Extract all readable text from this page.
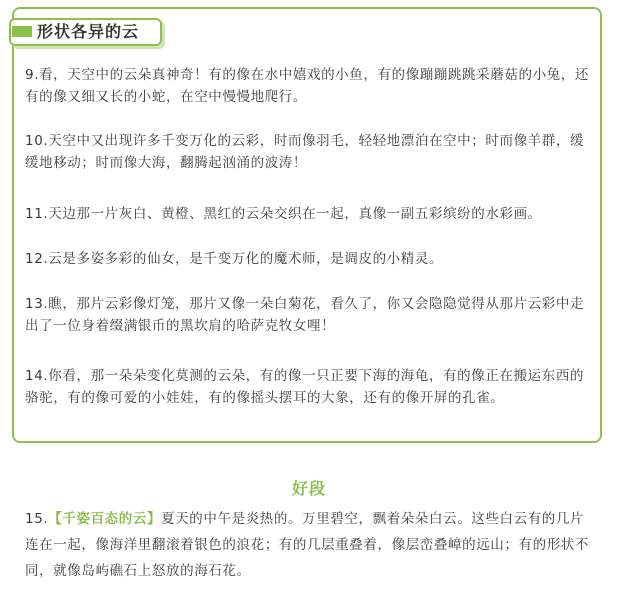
形状各异的云

9.看，天空中的云朵真神奇！有的像在水中嬉戏的小鱼，有的像蹦蹦跳跳采蘑菇的小兔，还有的像又细又长的小蛇，在空中慢慢地爬行。

10.天空中又出现许多千变万化的云彩，时而像羽毛，轻轻地漂泊在空中；时而像羊群，缓缓地移动；时而像大海，翻腾起汹涌的波涛！

11.天边那一片灰白、黄橙、黑红的云朵交织在一起，真像一副五彩缤纷的水彩画。

12.云是多姿多彩的仙女，是千变万化的魔术师，是调皮的小精灵。

13.瞧，那片云彩像灯笼，那片又像一朵白菊花，看久了，你又会隐隐觉得从那片云彩中走出了一位身着缀满银币的黑坎肩的哈萨克牧女哩！

14.你看，那一朵朵变化莫测的云朵，有的像一只正要下海的海龟，有的像正在搬运东西的骆驼，有的像可爱的小娃娃，有的像摇头摆耳的大象，还有的像开屏的孔雀。

好段

15.【千姿百态的云】夏天的中午是炎热的。万里碧空，飘着朵朵白云。这些白云有的几片连在一起，像海洋里翻滚着银色的浪花；有的几层重叠着，像层峦叠嶂的远山；有的形状不同，就像岛屿礁石上怒放的海石花。
